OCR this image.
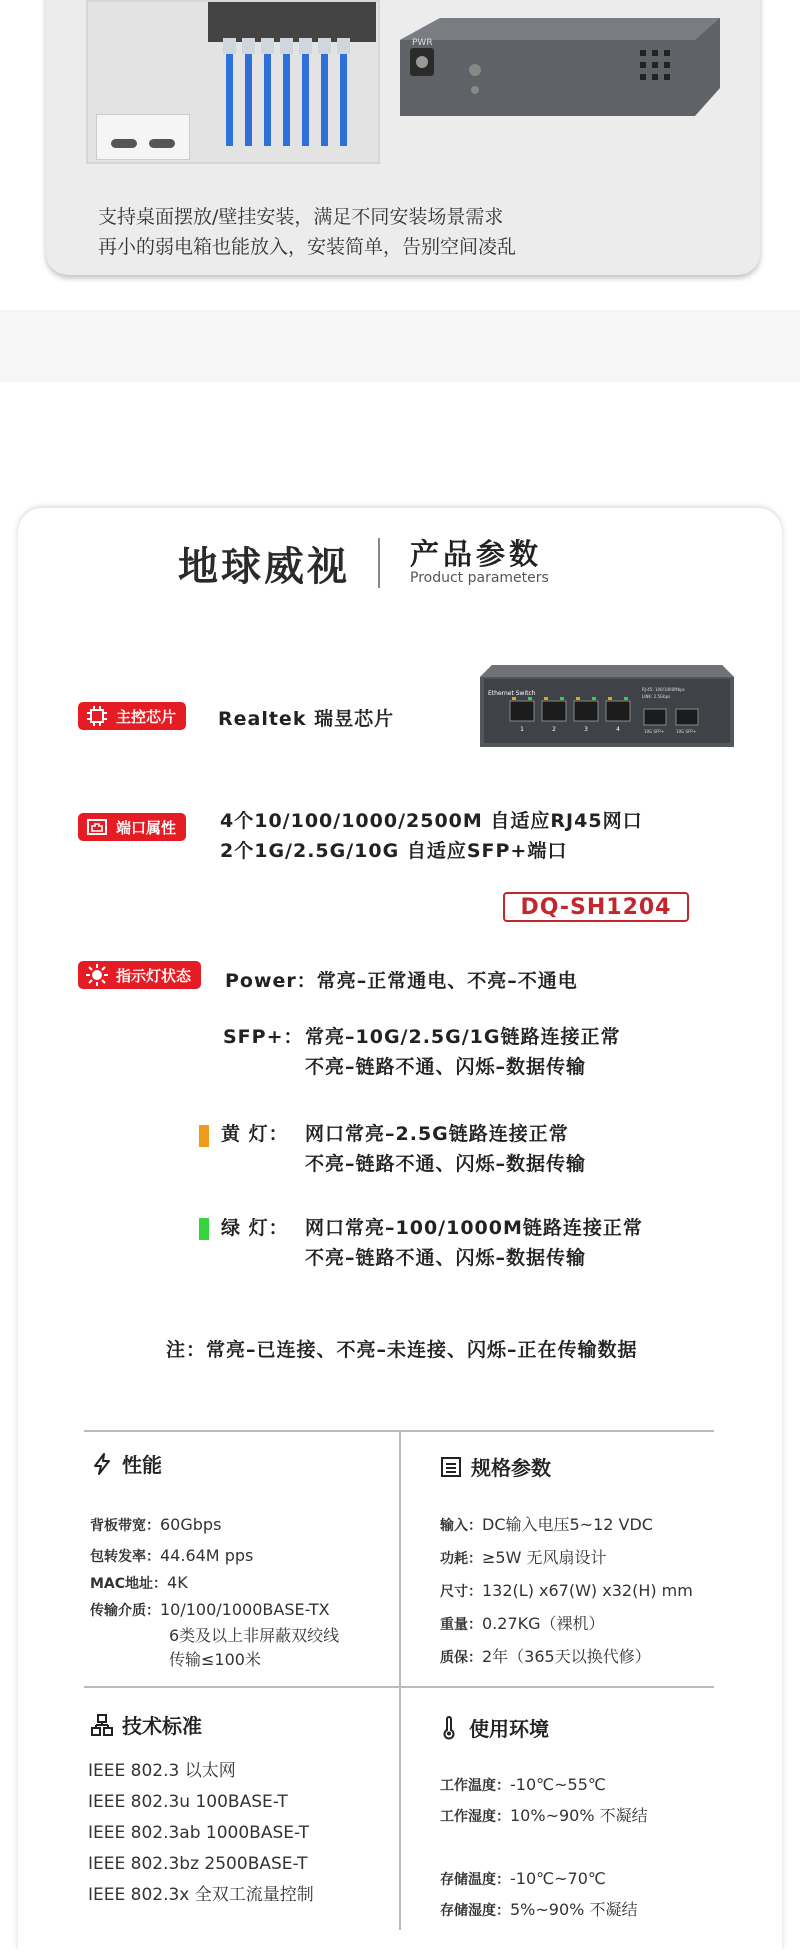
PWR
支持桌面摆放/壁挂安装，满足不同安装场景需求
再小的弱电箱也能放入，安装简单，告别空间凌乱
地球威视 产品参数
Product parameters
Ethernet Switch
1	2	3	4
RJ-45: 100/1000Mbps
LINK: 2.5Gbps
10G SFP+	10G SFP+
主控芯片 Realtek 瑞昱芯片
端口属性 4个10/100/1000/2500M 自适应RJ45网口
2个1G/2.5G/10G 自适应SFP+端口
DQ-SH1204
指示灯状态 Power：常亮–正常通电、不亮–不通电
SFP+： 常亮–10G/2.5G/1G链路连接正常
不亮–链路不通、闪烁–数据传输
黄 灯： 网口常亮–2.5G链路连接正常
不亮–链路不通、闪烁–数据传输
绿 灯： 网口常亮–100/1000M链路连接正常
不亮–链路不通、闪烁–数据传输
注：常亮–已连接、不亮–未连接、闪烁–正在传输数据
性能
背板带宽：60Gbps
包转发率：44.64M pps
MAC地址：4K
传输介质：10/100/1000BASE-TX
6类及以上非屏蔽双绞线
传输≤100米
规格参数
输入：DC输入电压5~12 VDC
功耗：≥5W 无风扇设计
尺寸：132(L) x67(W) x32(H) mm
重量：0.27KG（裸机）
质保：2年（365天以换代修）
技术标准
IEEE 802.3 以太网
IEEE 802.3u 100BASE-T
IEEE 802.3ab 1000BASE-T
IEEE 802.3bz 2500BASE-T
IEEE 802.3x 全双工流量控制
使用环境
工作温度：-10℃~55℃
工作湿度：10%~90% 不凝结
存储温度：-10℃~70℃
存储湿度：5%~90% 不凝结
